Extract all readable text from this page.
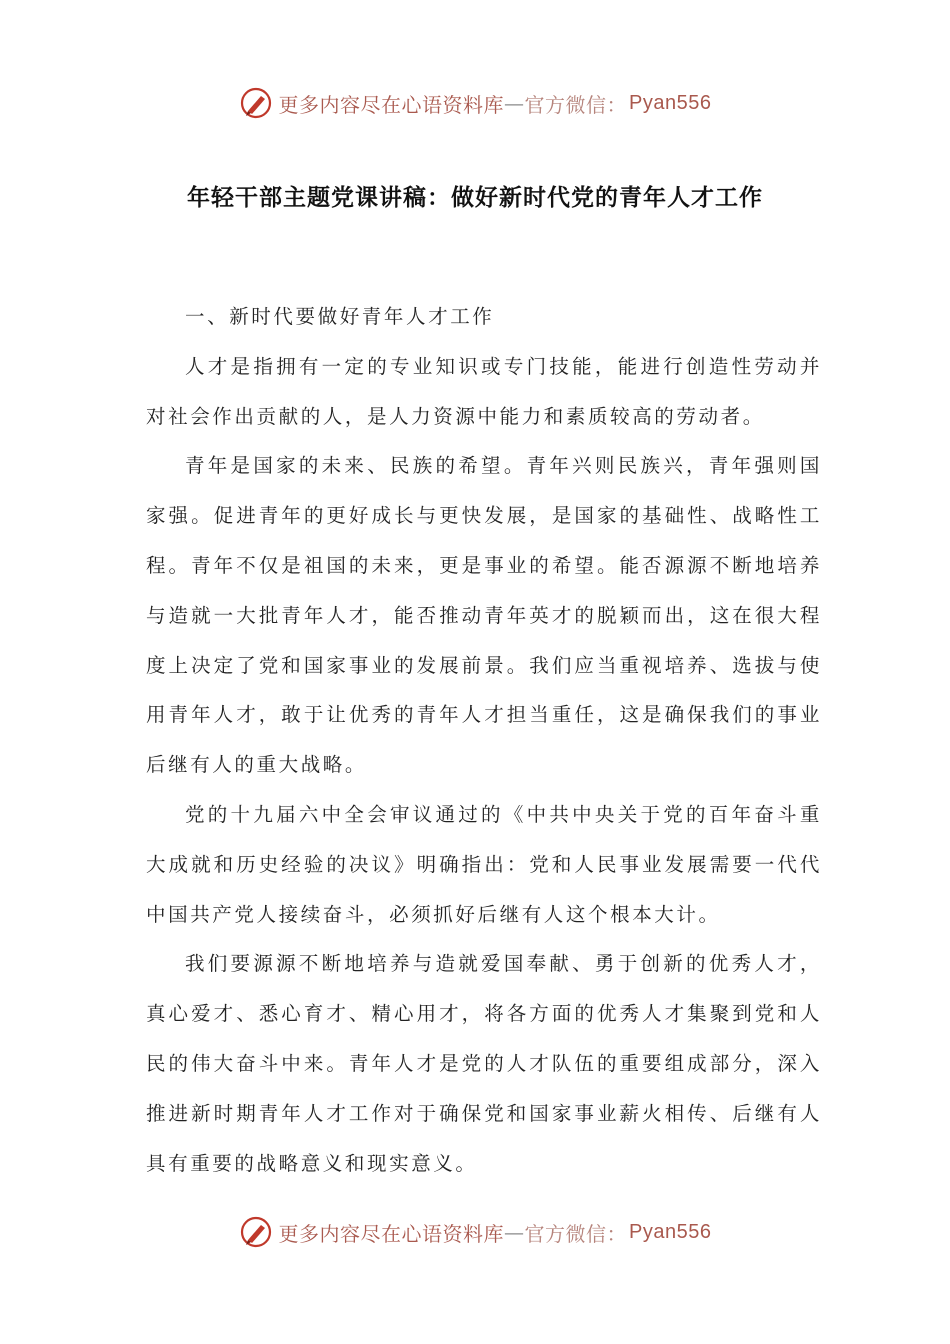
更多内容尽在心语资料库 — 官方微信： Pyan556
年轻干部主题党课讲稿：做好新时代党的青年人才工作

一、新时代要做好青年人才工作

人才是指拥有一定的专业知识或专门技能，能进行创造性劳动并对社会作出贡献的人，是人力资源中能力和素质较高的劳动者。

青年是国家的未来、民族的希望。青年兴则民族兴，青年强则国家强。促进青年的更好成长与更快发展，是国家的基础性、战略性工程。青年不仅是祖国的未来，更是事业的希望。能否源源不断地培养与造就一大批青年人才，能否推动青年英才的脱颖而出，这在很大程度上决定了党和国家事业的发展前景。我们应当重视培养、选拔与使用青年人才，敢于让优秀的青年人才担当重任，这是确保我们的事业后继有人的重大战略。

党的十九届六中全会审议通过的《中共中央关于党的百年奋斗重大成就和历史经验的决议》明确指出：党和人民事业发展需要一代代中国共产党人接续奋斗，必须抓好后继有人这个根本大计。

我们要源源不断地培养与造就爱国奉献、勇于创新的优秀人才，真心爱才、悉心育才、精心用才，将各方面的优秀人才集聚到党和人民的伟大奋斗中来。青年人才是党的人才队伍的重要组成部分，深入推进新时期青年人才工作对于确保党和国家事业薪火相传、后继有人具有重要的战略意义和现实意义。

更多内容尽在心语资料库 — 官方微信： Pyan556
